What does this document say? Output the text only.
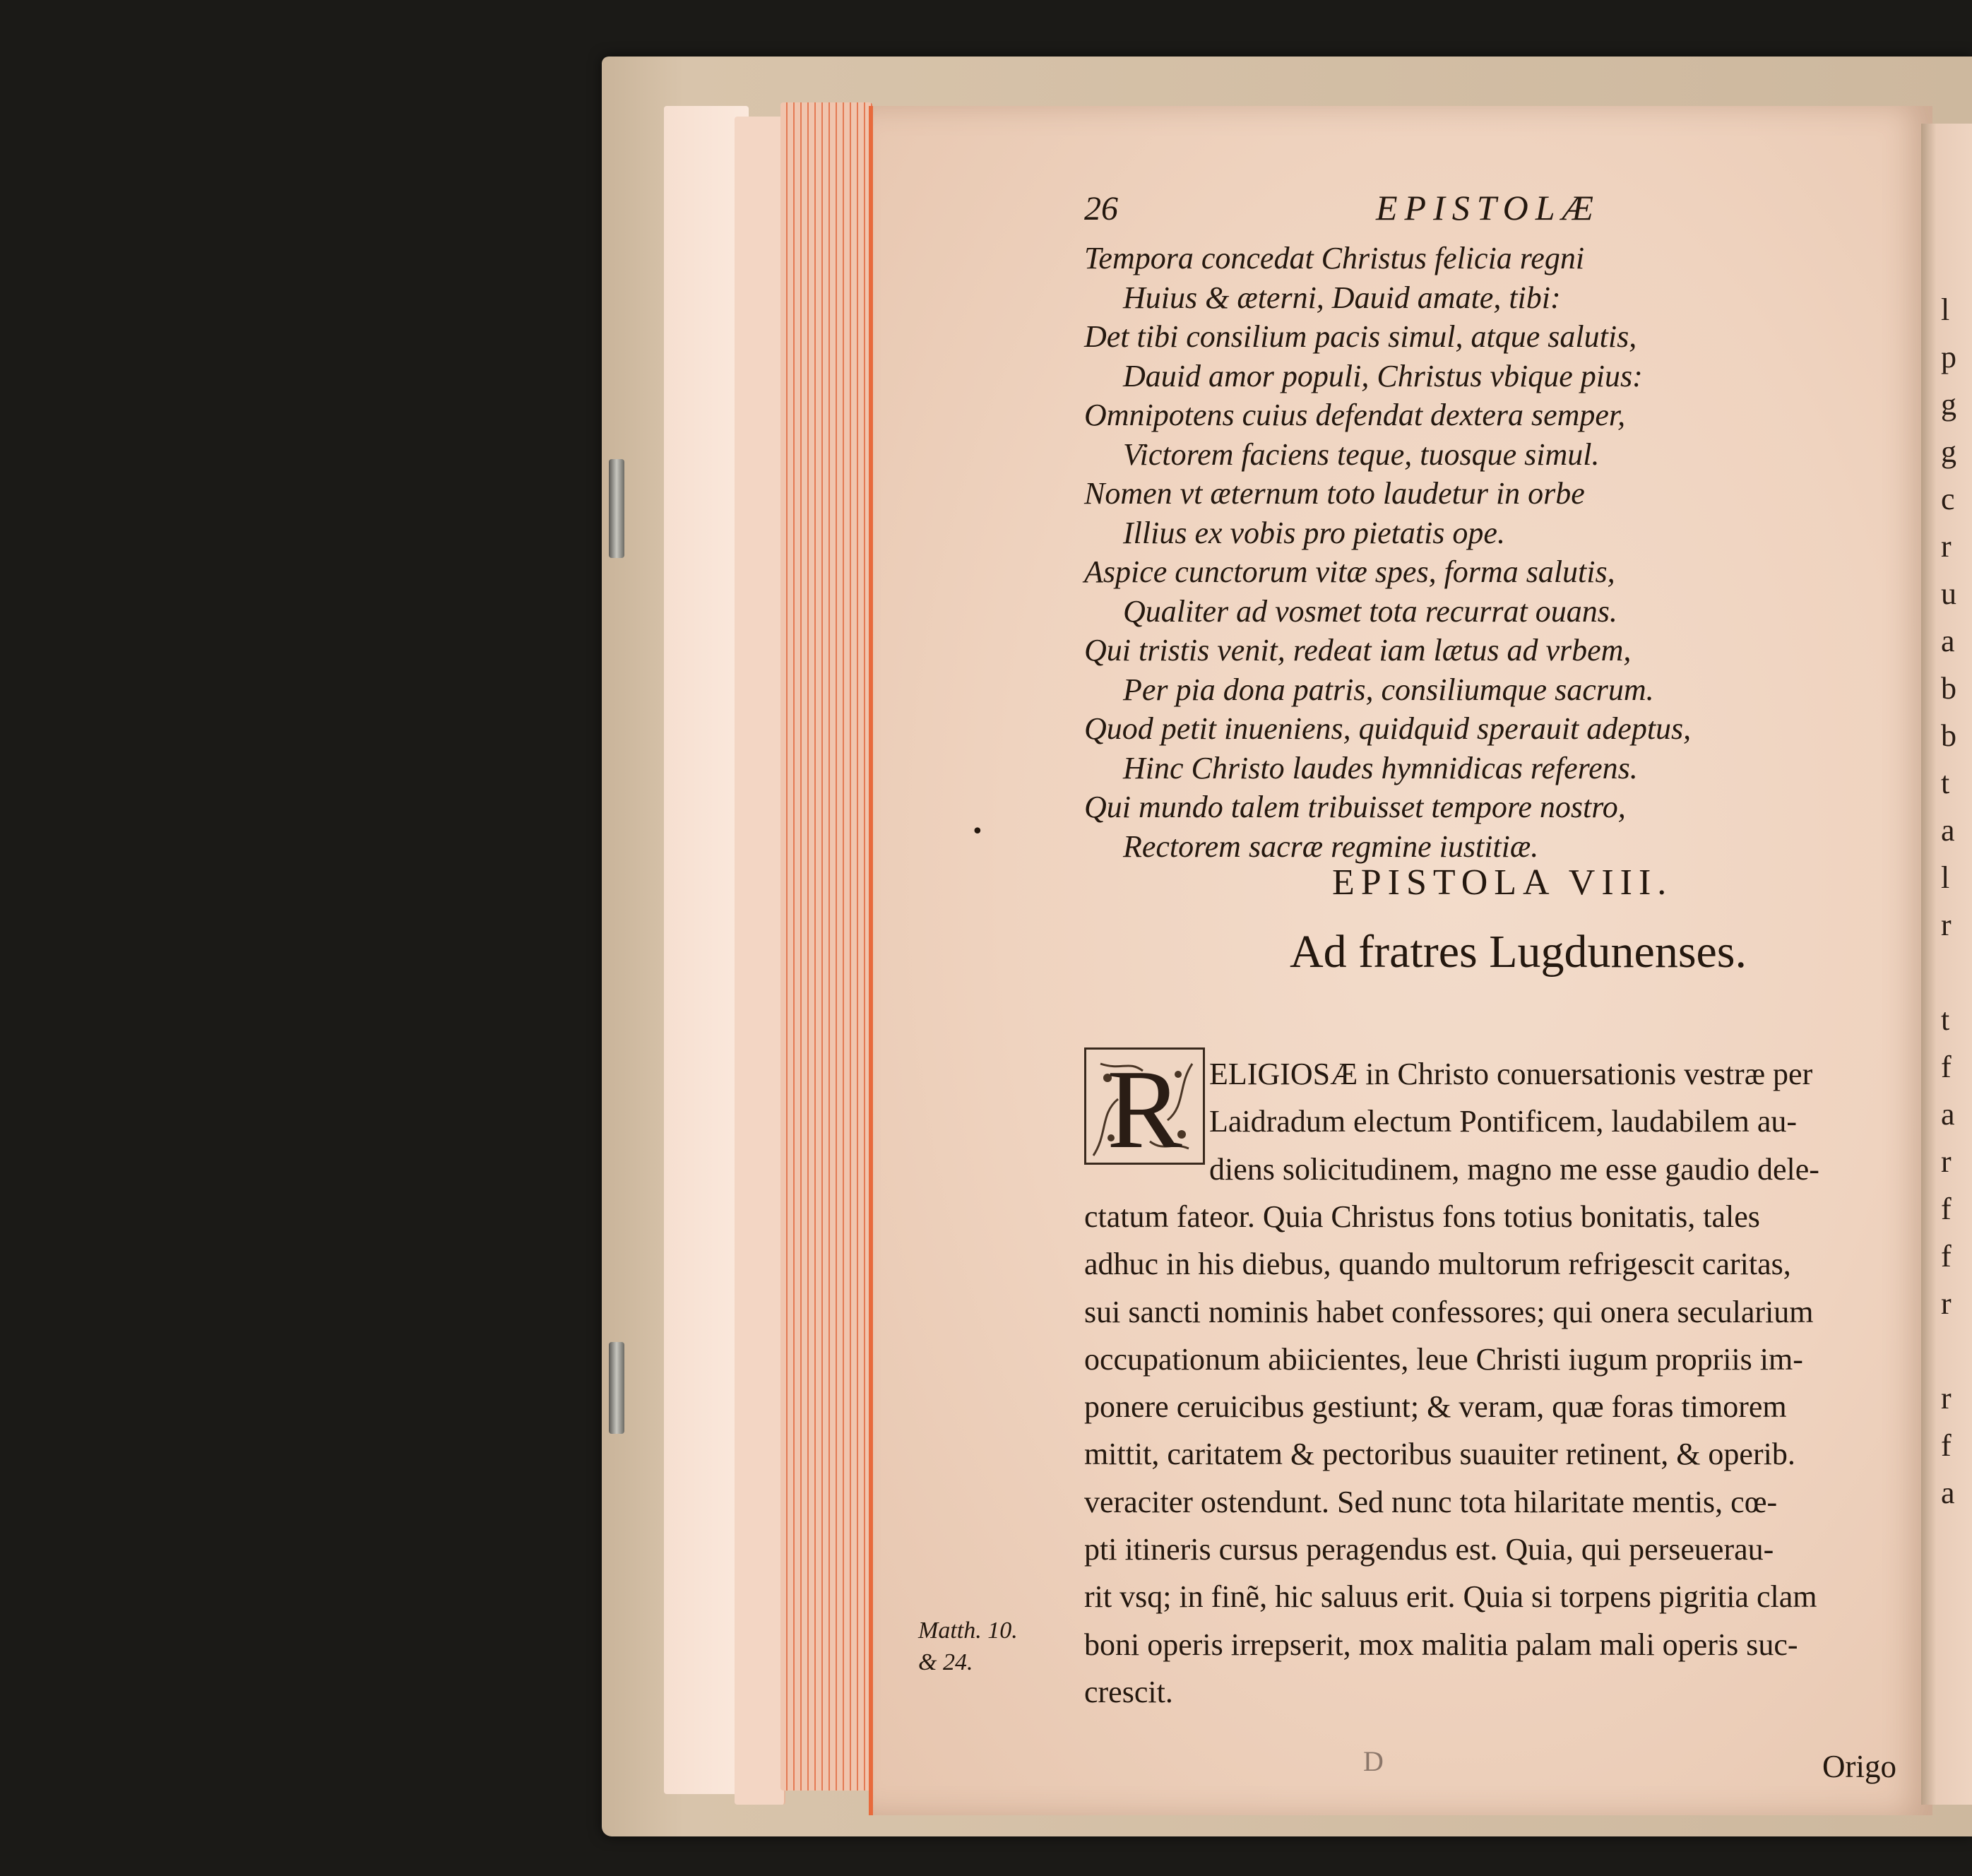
l
p
g
g
c
r
u
a
b
b
t
a
l
r
t
f
a
r
f
f
r
r
f
a
26	EPISTOLÆ
Tempora concedat Christus felicia regni
Huius & æterni, Dauid amate, tibi:
Det tibi consilium pacis simul, atque salutis,
Dauid amor populi, Christus vbique pius:
Omnipotens cuius defendat dextera semper,
Victorem faciens teque, tuosque simul.
Nomen vt æternum toto laudetur in orbe
Illius ex vobis pro pietatis ope.
Aspice cunctorum vitæ spes, forma salutis,
Qualiter ad vosmet tota recurrat ouans.
Qui tristis venit, redeat iam lætus ad vrbem,
Per pia dona patris, consiliumque sacrum.
Quod petit inueniens, quidquid sperauit adeptus,
Hinc Christo laudes hymnidicas referens.
Qui mundo talem tribuisset tempore nostro,
Rectorem sacræ regmine iustitiæ.
•
EPISTOLA VIII.
Ad fratres Lugdunenses.
R ELIGIOSÆ in Christo conuersationis vestræ per
Laidradum electum Pontificem, laudabilem au-
diens solicitudinem, magno me esse gaudio dele-
ctatum fateor. Quia Christus fons totius bonitatis, tales
adhuc in his diebus, quando multorum refrigescit caritas,
sui sancti nominis habet confessores; qui onera secularium
occupationum abiicientes, leue Christi iugum propriis im-
ponere ceruicibus gestiunt; & veram, quæ foras timorem
mittit, caritatem & pectoribus suauiter retinent, & operib.
veraciter ostendunt. Sed nunc tota hilaritate mentis, cœ-
pti itineris cursus peragendus est. Quia, qui perseuerau-
rit vsq; in finẽ, hic saluus erit. Quia si torpens pigritia clam
boni operis irrepserit, mox malitia palam mali operis suc-
crescit.
Matth. 10.
& 24.
D	Origo
